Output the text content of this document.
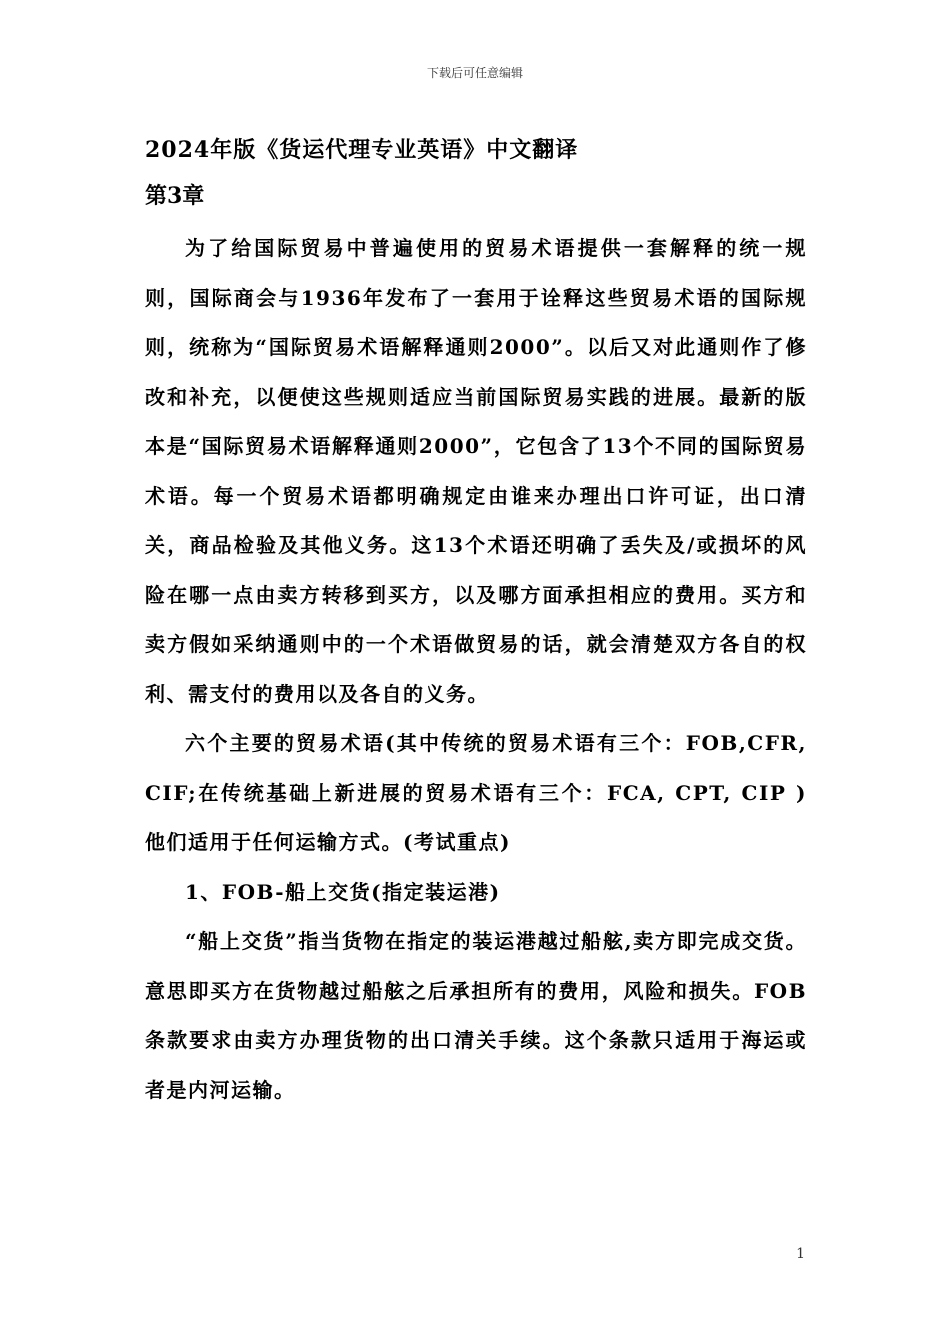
下载后可任意编辑
2024年版《货运代理专业英语》中文翻译
第3章

为了给国际贸易中普遍使用的贸易术语提供一套解释的统一规则，国际商会与1936年发布了一套用于诠释这些贸易术语的国际规则，统称为“国际贸易术语解释通则2000”。以后又对此通则作了修改和补充，以便使这些规则适应当前国际贸易实践的进展。最新的版本是“国际贸易术语解释通则2000”，它包含了13个不同的国际贸易术语。每一个贸易术语都明确规定由谁来办理出口许可证，出口清关，商品检验及其他义务。这13个术语还明确了丢失及/或损坏的风险在哪一点由卖方转移到买方，以及哪方面承担相应的费用。买方和卖方假如采纳通则中的一个术语做贸易的话，就会清楚双方各自的权利、需支付的费用以及各自的义务。

六个主要的贸易术语(其中传统的贸易术语有三个：FOB,CFR,CIF;在传统基础上新进展的贸易术语有三个：FCA, CPT, CIP ) 他们适用于任何运输方式。(考试重点)

1、FOB-船上交货(指定装运港)

“船上交货”指当货物在指定的装运港越过船舷,卖方即完成交货。意思即买方在货物越过船舷之后承担所有的费用，风险和损失。FOB条款要求由卖方办理货物的出口清关手续。这个条款只适用于海运或者是内河运输。

1
